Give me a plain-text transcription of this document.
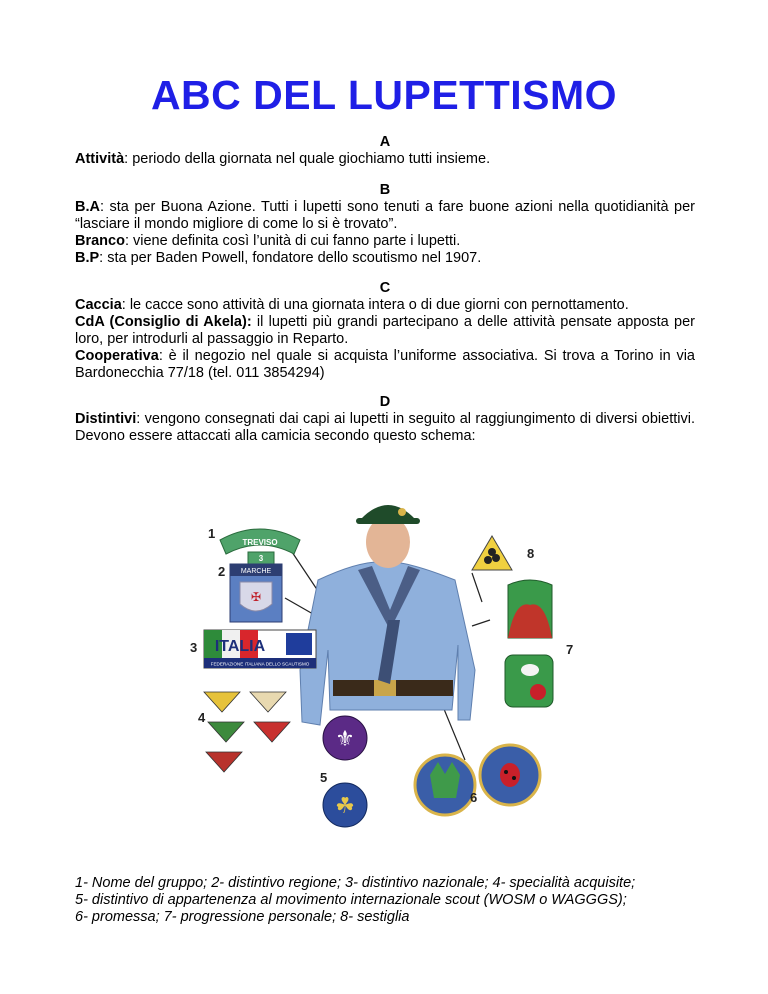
ABC DEL LUPETTISMO

A

Attività: periodo della giornata nel quale giochiamo tutti insieme.

B

B.A: sta per Buona Azione. Tutti i lupetti sono tenuti a fare buone azioni nella quotidianità per “lasciare il mondo migliore di come lo si è trovato”.

Branco: viene definita così l’unità di cui fanno parte i lupetti.

B.P: sta per Baden Powell, fondatore dello scoutismo nel 1907.

C

Caccia: le cacce sono attività di una giornata intera o di due giorni con pernottamento.

CdA (Consiglio di Akela): il lupetti più grandi partecipano a delle attività pensate apposta per loro, per introdurli al passaggio in Reparto.

Cooperativa: è il negozio nel quale si acquista l’uniforme associativa. Si trova a Torino in via Bardonecchia 77/18 (tel. 011 3854294)

D

Distintivi: vengono consegnati dai capi ai lupetti in seguito al raggiungimento di diversi obiettivi. Devono essere attaccati alla camicia secondo questo schema:

TREVISO
3
MARCHE
✠
ITALIA
FEDERAZIONE ITALIANA DELLO SCAUTISMO
⚜
☘
1
2
3
4
5
6
7
8
1- Nome del gruppo; 2- distintivo regione; 3- distintivo nazionale; 4- specialità acquisite;
5- distintivo di appartenenza al movimento internazionale scout (WOSM o WAGGGS);
6- promessa; 7- progressione personale; 8- sestiglia
